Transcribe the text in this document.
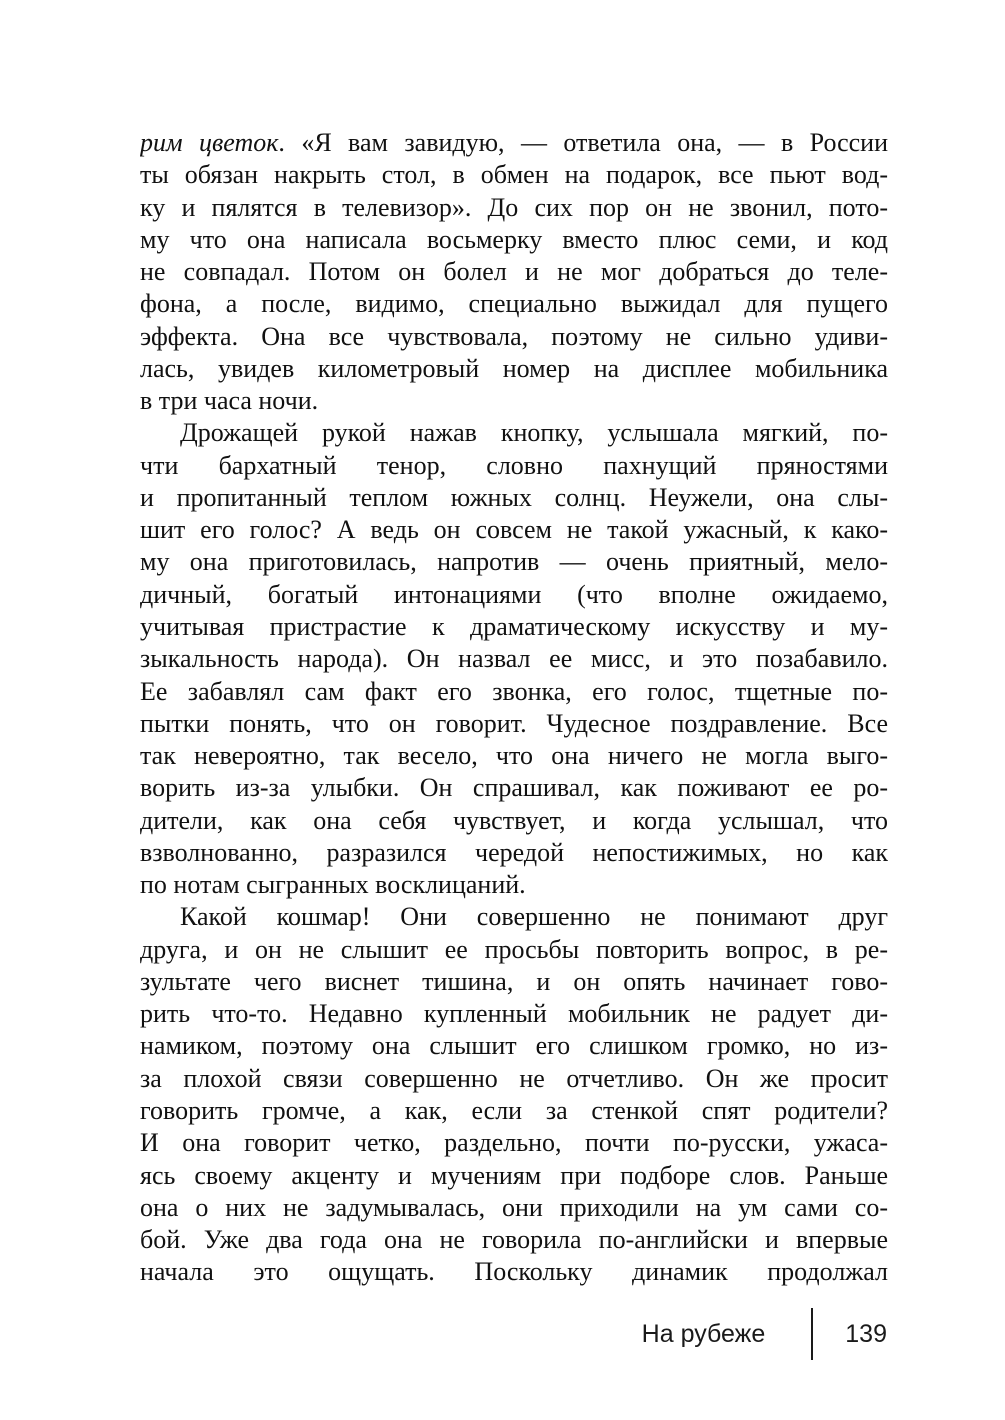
рим цветок. «Я вам завидую, — ответила она, — в России
ты обязан накрыть стол, в обмен на подарок, все пьют вод-
ку и пялятся в телевизор». До сих пор он не звонил, пото-
му что она написала восьмерку вместо плюс семи, и код
не совпадал. Потом он болел и не мог добраться до теле-
фона, а после, видимо, специально выжидал для пущего
эффекта. Она все чувствовала, поэтому не сильно удиви-
лась, увидев километровый номер на дисплее мобильника
в три часа ночи.
Дрожащей рукой нажав кнопку, услышала мягкий, по-
чти бархатный тенор, словно пахнущий пряностями
и пропитанный теплом южных солнц. Неужели, она слы-
шит его голос? А ведь он совсем не такой ужасный, к како-
му она приготовилась, напротив — очень приятный, мело-
дичный, богатый интонациями (что вполне ожидаемо,
учитывая пристрастие к драматическому искусству и му-
зыкальность народа). Он назвал ее мисс, и это позабавило.
Ее забавлял сам факт его звонка, его голос, тщетные по-
пытки понять, что он говорит. Чудесное поздравление. Все
так невероятно, так весело, что она ничего не могла выго-
ворить из-за улыбки. Он спрашивал, как поживают ее ро-
дители, как она себя чувствует, и когда услышал, что
взволнованно, разразился чередой непостижимых, но как
по нотам сыгранных восклицаний.
Какой кошмар! Они совершенно не понимают друг
друга, и он не слышит ее просьбы повторить вопрос, в ре-
зультате чего виснет тишина, и он опять начинает гово-
рить что-то. Недавно купленный мобильник не радует ди-
намиком, поэтому она слышит его слишком громко, но из-
за плохой связи совершенно не отчетливо. Он же просит
говорить громче, а как, если за стенкой спят родители?
И она говорит четко, раздельно, почти по-русски, ужаса-
ясь своему акценту и мучениям при подборе слов. Раньше
она о них не задумывалась, они приходили на ум сами со-
бой. Уже два года она не говорила по-английски и впервые
начала это ощущать. Поскольку динамик продолжал
На рубеже	139
